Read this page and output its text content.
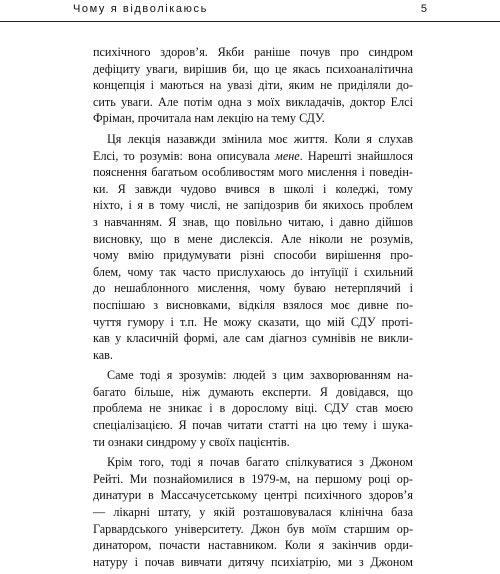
Чому я відволікаюсь	5
психічного здоров’я. Якби раніше почув про синдром
дефіциту уваги, вирішив би, що це якась психоаналітична
концепція і маються на увазі діти, яким не приділяли до-
сить уваги. Але потім одна з моїх викладачів, доктор Елсі
Фріман, прочитала нам лекцію на тему СДУ.
Ця лекція назавжди змінила моє життя. Коли я слухав
Елсі, то розумів: вона описувала мене. Нарешті знайшлося
пояснення багатьом особливостям мого мислення і поведін-
ки. Я завжди чудово вчився в школі і коледжі, тому
ніхто, і я в тому числі, не запідозрив би якихось проблем
з навчанням. Я знав, що повільно читаю, і давно дійшов
висновку, що в мене дислексія. Але ніколи не розумів,
чому вмію придумувати різні способи вирішення про-
блем, чому так часто прислухаюсь до інтуїції і схильний
до нешаблонного мислення, чому буваю нетерплячий і
поспішаю з висновками, відкіля взялося моє дивне по-
чуття гумору і т.п. Не можу сказати, що мій СДУ протi-
кав у класичній формі, але сам діагноз сумнівів не викли-
кав.
Саме тоді я зрозумів: людей з цим захворюванням на-
багато більше, ніж думають експерти. Я довідався, що
проблема не зникає і в дорослому віці. СДУ став моєю
спеціалізацією. Я почав читати статті на цю тему і шука-
ти ознаки синдрому у своїх пацієнтів.
Крім того, тоді я почав багато спілкуватися з Джоном
Рейті. Ми познайомилися в 1979-м, на першому році ор-
динатури в Массачусетському центрі психічного здоров’я
— лікарні штату, у якій розташовувалася клінічна база
Гарвардського університету. Джон був моїм старшим ор-
динатором, почасти наставником. Коли я закінчив орди-
натуру і почав вивчати дитячу психіатрію, ми з Джоном
